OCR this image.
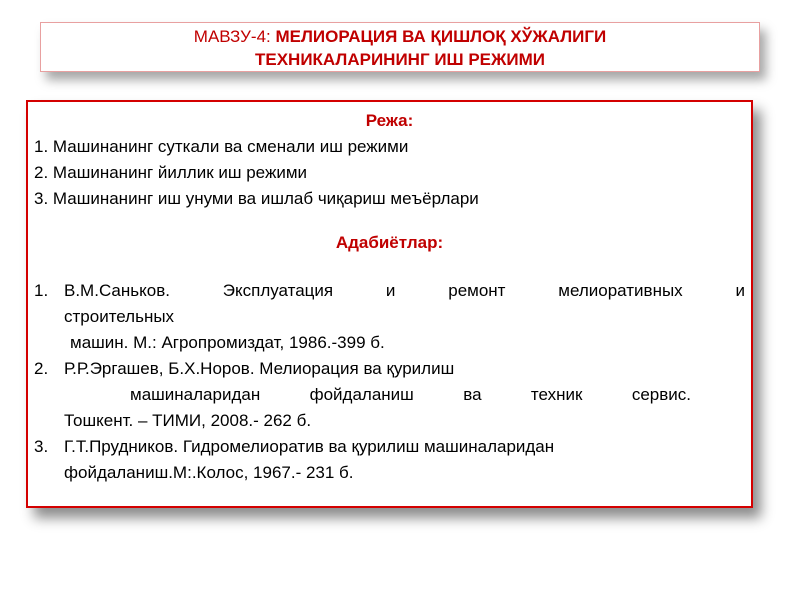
МАВЗУ-4: МЕЛИОРАЦИЯ ВА ҚИШЛОҚ ХЎЖАЛИГИ
ТЕХНИКАЛАРИНИНГ ИШ РЕЖИМИ
Режа:
1. Машинанинг суткали ва сменали иш режими
2. Машинанинг йиллик иш режими
3. Машинанинг иш унуми ва ишлаб чиқариш меъёрлари
Адабиётлар:
1. В.М.Саньков. Эксплуатация и ремонт мелиоративных и
строительных
машин. М.: Агропромиздат, 1986.-399 б.
2. Р.Р.Эргашев, Б.Х.Норов. Мелиорация ва қурилиш
машиналаридан фойдаланиш ва техник сервис.
Тошкент. – ТИМИ, 2008.- 262 б.
3. Г.Т.Прудников. Гидромелиоратив ва қурилиш машиналаридан
фойдаланиш.М:.Колос, 1967.- 231 б.
